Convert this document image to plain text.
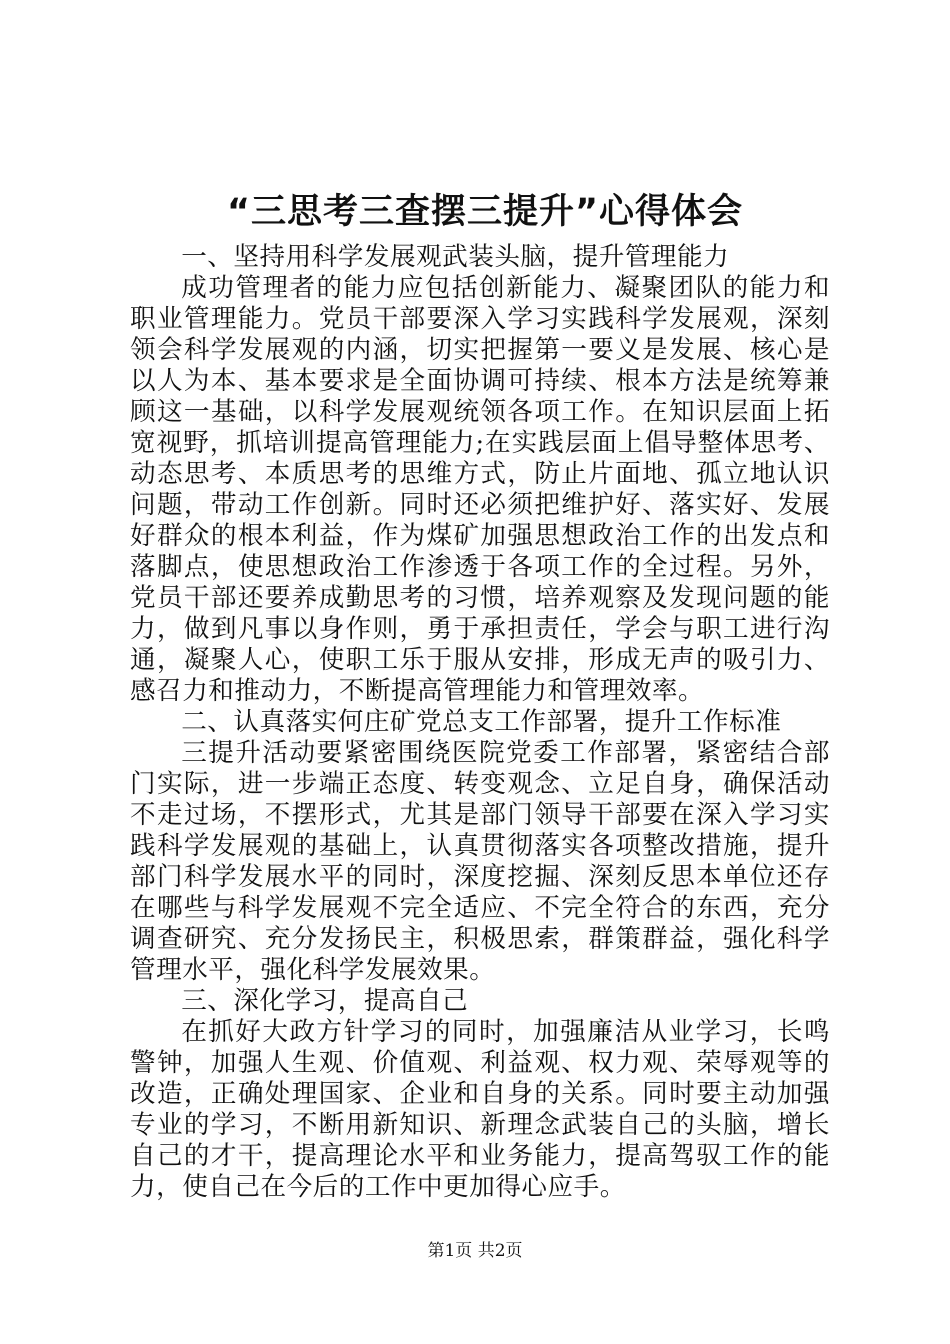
“三思考三查摆三提升”心得体会

一、坚持用科学发展观武装头脑，提升管理能力

成功管理者的能力应包括创新能力、凝聚团队的能力和职业管理能力。党员干部要深入学习实践科学发展观，深刻领会科学发展观的内涵，切实把握第一要义是发展、核心是以人为本、基本要求是全面协调可持续、根本方法是统筹兼顾这一基础，以科学发展观统领各项工作。在知识层面上拓宽视野，抓培训提高管理能力;在实践层面上倡导整体思考、动态思考、本质思考的思维方式，防止片面地、孤立地认识问题，带动工作创新。同时还必须把维护好、落实好、发展好群众的根本利益，作为煤矿加强思想政治工作的出发点和落脚点，使思想政治工作渗透于各项工作的全过程。另外，党员干部还要养成勤思考的习惯，培养观察及发现问题的能力，做到凡事以身作则，勇于承担责任，学会与职工进行沟通，凝聚人心，使职工乐于服从安排，形成无声的吸引力、感召力和推动力，不断提高管理能力和管理效率。

二、认真落实何庄矿党总支工作部署，提升工作标准

三提升活动要紧密围绕医院党委工作部署，紧密结合部门实际，进一步端正态度、转变观念、立足自身，确保活动不走过场，不摆形式，尤其是部门领导干部要在深入学习实践科学发展观的基础上，认真贯彻落实各项整改措施，提升部门科学发展水平的同时，深度挖掘、深刻反思本单位还存在哪些与科学发展观不完全适应、不完全符合的东西，充分调查研究、充分发扬民主，积极思索，群策群益，强化科学管理水平，强化科学发展效果。

三、深化学习，提高自己

在抓好大政方针学习的同时，加强廉洁从业学习，长鸣警钟，加强人生观、价值观、利益观、权力观、荣辱观等的改造，正确处理国家、企业和自身的关系。同时要主动加强专业的学习，不断用新知识、新理念武装自己的头脑，增长自己的才干，提高理论水平和业务能力，提高驾驭工作的能力，使自己在今后的工作中更加得心应手。

第1页 共2页
